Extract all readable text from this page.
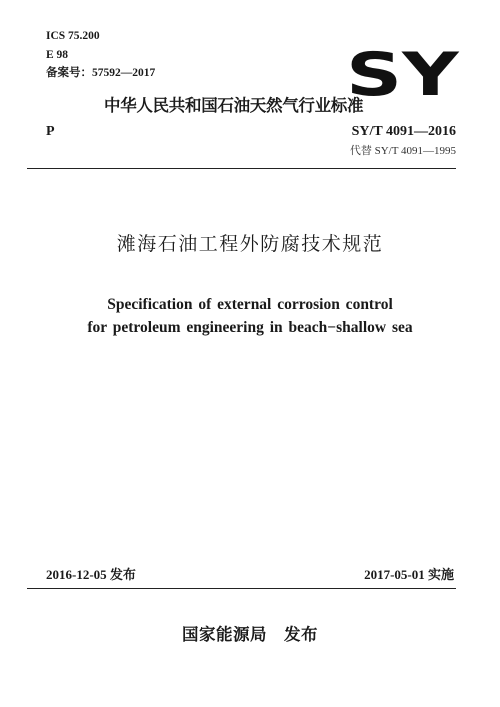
ICS 75.200
E 98
备案号：57592—2017	SY
中华人民共和国石油天然气行业标准
P	SY/T 4091—2016
代替 SY/T 4091—1995
滩海石油工程外防腐技术规范
Specification of external corrosion control
for petroleum engineering in beach−shallow sea
2016-12-05 发布	2017-05-01 实施
国家能源局　发布
